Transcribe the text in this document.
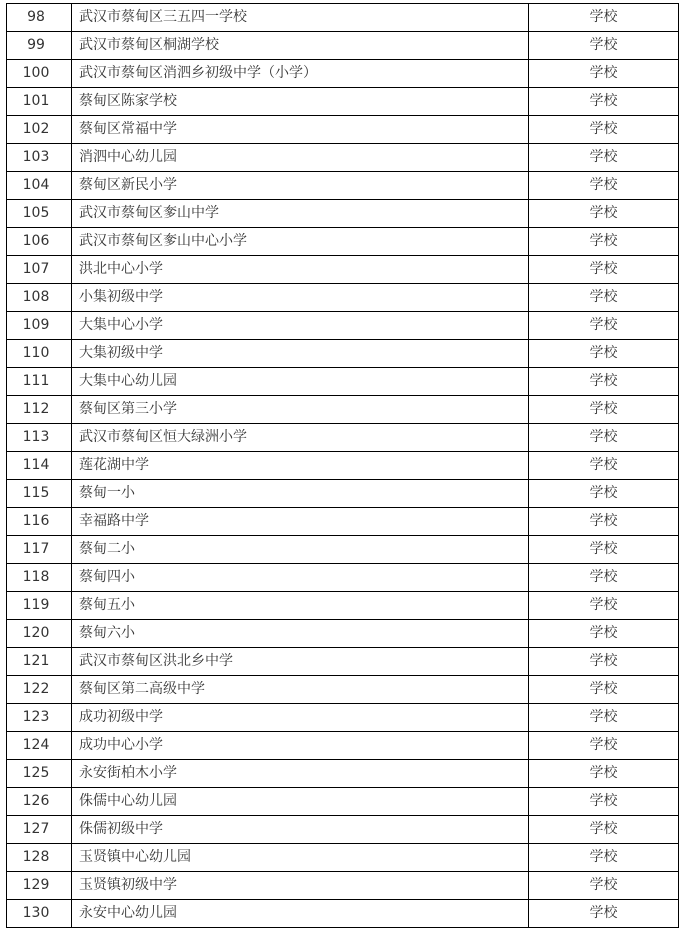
98	武汉市蔡甸区三五四一学校	学校
99	武汉市蔡甸区桐湖学校	学校
100	武汉市蔡甸区消泗乡初级中学（小学）	学校
101	蔡甸区陈家学校	学校
102	蔡甸区常福中学	学校
103	消泗中心幼儿园	学校
104	蔡甸区新民小学	学校
105	武汉市蔡甸区奓山中学	学校
106	武汉市蔡甸区奓山中心小学	学校
107	洪北中心小学	学校
108	小集初级中学	学校
109	大集中心小学	学校
110	大集初级中学	学校
111	大集中心幼儿园	学校
112	蔡甸区第三小学	学校
113	武汉市蔡甸区恒大绿洲小学	学校
114	莲花湖中学	学校
115	蔡甸一小	学校
116	幸福路中学	学校
117	蔡甸二小	学校
118	蔡甸四小	学校
119	蔡甸五小	学校
120	蔡甸六小	学校
121	武汉市蔡甸区洪北乡中学	学校
122	蔡甸区第二高级中学	学校
123	成功初级中学	学校
124	成功中心小学	学校
125	永安街柏木小学	学校
126	侏儒中心幼儿园	学校
127	侏儒初级中学	学校
128	玉贤镇中心幼儿园	学校
129	玉贤镇初级中学	学校
130	永安中心幼儿园	学校
